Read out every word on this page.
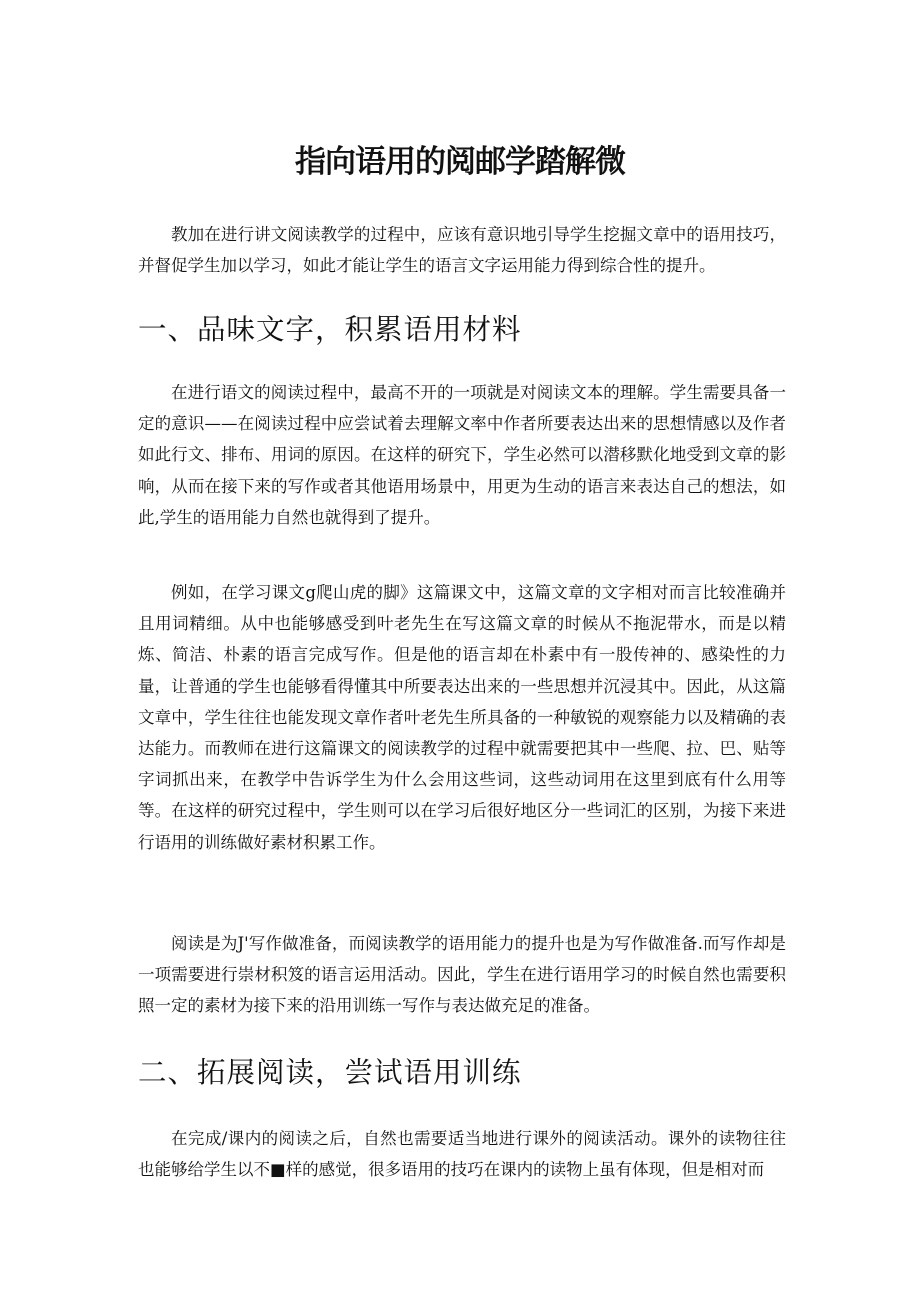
指向语用的阅邮学踏解微

教加在进行讲文阅读教学的过程中，应该有意识地引导学生挖掘文章中的语用技巧，并督促学生加以学习，如此才能让学生的语言文字运用能力得到综合性的提升。

一、品味文字，积累语用材料

在进行语文的阅读过程中，最高不开的一项就是对阅读文本的理解。学生需要具备一定的意识——在阅读过程中应尝试着去理解文率中作者所要表达出来的思想情感以及作者如此行文、排布、用词的原因。在这样的研究下，学生必然可以潜移默化地受到文章的影响，从而在接下来的写作或者其他语用场景中，用更为生动的语言来表达自己的想法，如此,学生的语用能力自然也就得到了提升。

例如，在学习课文g爬山虎的脚》这篇课文中，这篇文章的文字相对而言比较准确并且用词精细。从中也能够感受到叶老先生在写这篇文章的时候从不拖泥带水，而是以精炼、简洁、朴素的语言完成写作。但是他的语言却在朴素中有一股传神的、感染性的力量，让普通的学生也能够看得懂其中所要表达出来的一些思想并沉浸其中。因此，从这篇文章中，学生往往也能发现文章作者叶老先生所具备的一种敏锐的观察能力以及精确的表达能力。而教师在进行这篇课文的阅读教学的过程中就需要把其中一些爬、拉、巴、贴等字词抓出来，在教学中告诉学生为什么会用这些词，这些动词用在这里到底有什么用等等。在这样的研究过程中，学生则可以在学习后很好地区分一些词汇的区别，为接下来进行语用的训练做好素材积累工作。

阅读是为J'写作做准备，而阅读教学的语用能力的提升也是为写作做准备.而写作却是一项需要进行崇材积笈的语言运用活动。因此，学生在进行语用学习的时候自然也需要积照一定的素材为接下来的沿用训练一写作与表达做充足的准备。

二、拓展阅读，尝试语用训练

在完成/课内的阅读之后，自然也需要适当地进行课外的阅读活动。课外的读物往往也能够给学生以不■样的感觉，很多语用的技巧在课内的读物上虽有体现，但是相对而
